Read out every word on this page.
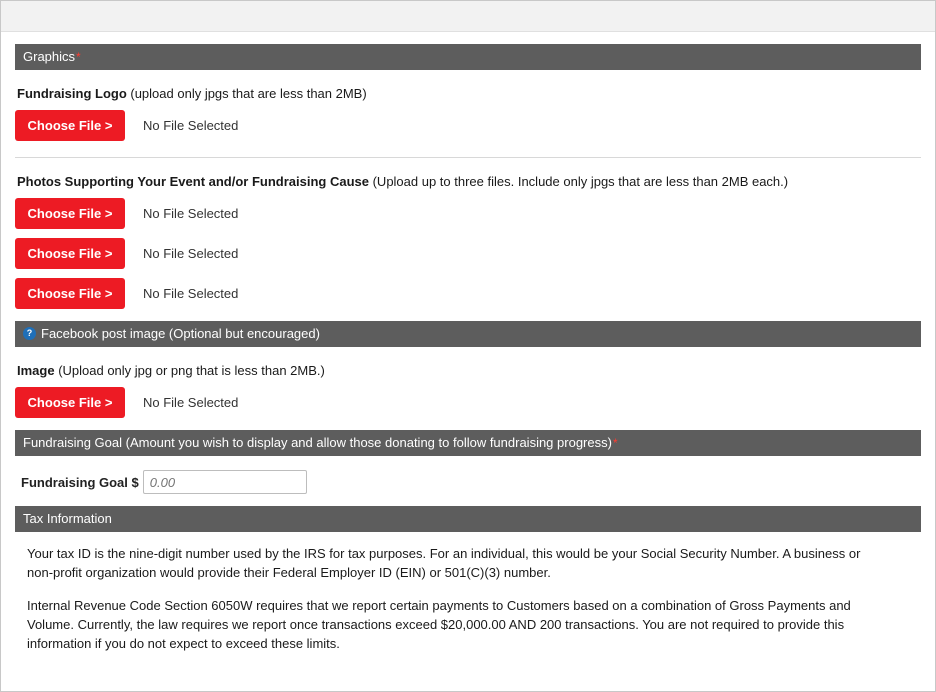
Graphics*
Fundraising Logo (upload only jpgs that are less than 2MB)
Choose File >	No File Selected
Photos Supporting Your Event and/or Fundraising Cause (Upload up to three files. Include only jpgs that are less than 2MB each.)
Choose File >	No File Selected
Choose File >	No File Selected
Choose File >	No File Selected
? Facebook post image (Optional but encouraged)
Image (Upload only jpg or png that is less than 2MB.)
Choose File >	No File Selected
Fundraising Goal (Amount you wish to display and allow those donating to follow fundraising progress)*
Fundraising Goal $
0.00
Tax Information

Your tax ID is the nine-digit number used by the IRS for tax purposes. For an individual, this would be your Social Security Number. A business or non-profit organization would provide their Federal Employer ID (EIN) or 501(C)(3) number.

Internal Revenue Code Section 6050W requires that we report certain payments to Customers based on a combination of Gross Payments and Volume. Currently, the law requires we report once transactions exceed $20,000.00 AND 200 transactions. You are not required to provide this information if you do not expect to exceed these limits.
